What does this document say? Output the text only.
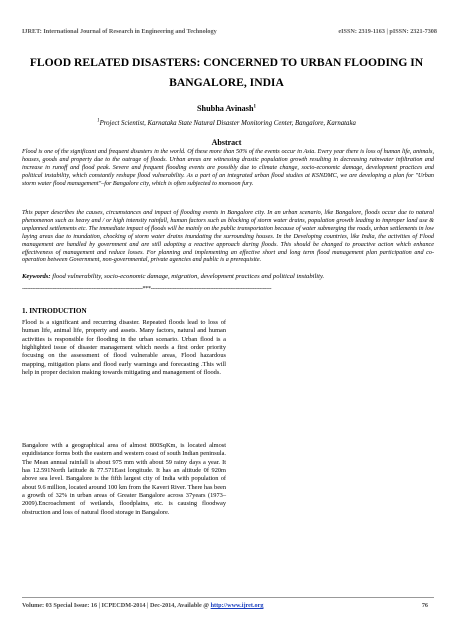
IJRET: International Journal of Research in Engineering and Technology	eISSN: 2319-1163 | pISSN: 2321-7308
FLOOD RELATED DISASTERS: CONCERNED TO URBAN FLOODING IN BANGALORE, INDIA
Shubha Avinash$^1$
$^1$Project Scientist, Karnataka State Natural Disaster Monitoring Center, Bangalore, Karnataka
Abstract

Flood is one of the significant and frequent disasters in the world. Of these more than 50% of the events occur in Asia. Every year there is loss of human life, animals, houses, goods and property due to the outrage of floods. Urban areas are witnessing drastic population growth resulting in decreasing rainwater infiltration and increase in runoff and flood peak. Severe and frequent flooding events are possibly due to climate change, socio-economic damage, development practices and political instability, which constantly reshape flood vulnerability. As a part of an integrated urban flood studies at KSNDMC, we are developing a plan for "Urban storm water flood management"–for Bangalore city, which is often subjected to monsoon fury.

This paper describes the causes, circumstances and impact of flooding events in Bangalore city. In an urban scenario, like Bangalore, floods occur due to natural phenomenon such as heavy and / or high intensity rainfall, human factors such as blocking of storm water drains, population growth leading to improper land use & unplanned settlements etc. The immediate impact of floods will be mainly on the public transportation because of water submerging the roads, urban settlements in low laying areas due to inundation, chocking of storm water drains inundating the surrounding houses. In the Developing countries, like India, the activities of Flood management are handled by government and are still adopting a reactive approach during floods. This should be changed to proactive action which enhance effectiveness of management and reduce losses. For planning and implementing an effective short and long term flood management plan participation and co-operation between Government, non-governmental, private agencies and public is a prerequisite.

Keywords: flood vulnerability, socio-economic damage, migration, development practices and political instability.
-----------------------------------------------------------------------***-----------------------------------------------------------------------
1. INTRODUCTION

Flood is a significant and recurring disaster. Repeated floods lead to loss of human life, animal life, property and assets. Many factors, natural and human activities is responsible for flooding in the urban scenario. Urban flood is a highlighted issue of disaster management which needs a first order priority focusing on the assessment of flood vulnerable areas, Flood hazardous mapping, mitigation plans and flood early warnings and forecasting .This will help in proper decision making towards mitigating and management of floods.

Bangalore with a geographical area of almost 800SqKm, is located almost equidistance forms both the eastern and western coast of south Indian peninsula. The Mean annual rainfall is about 975 mm with about 59 rainy days a year. It has 12.591North latitude & 77.571East longitude. It has an altitude 0f 920m above sea level. Bangalore is the fifth largest city of India with population of about 9.6 million, located around 100 km from the Kaveri River. There has been a growth of 32% in urban areas of Greater Bangalore across 37years (1973–2009).Encroachment of wetlands, floodplains, etc. is causing floodway obstruction and loss of natural flood storage in Bangalore.

Volume: 03 Special Issue: 16 | ICPECDM-2014 | Dec-2014, Available @ http://www.ijret.org	76
